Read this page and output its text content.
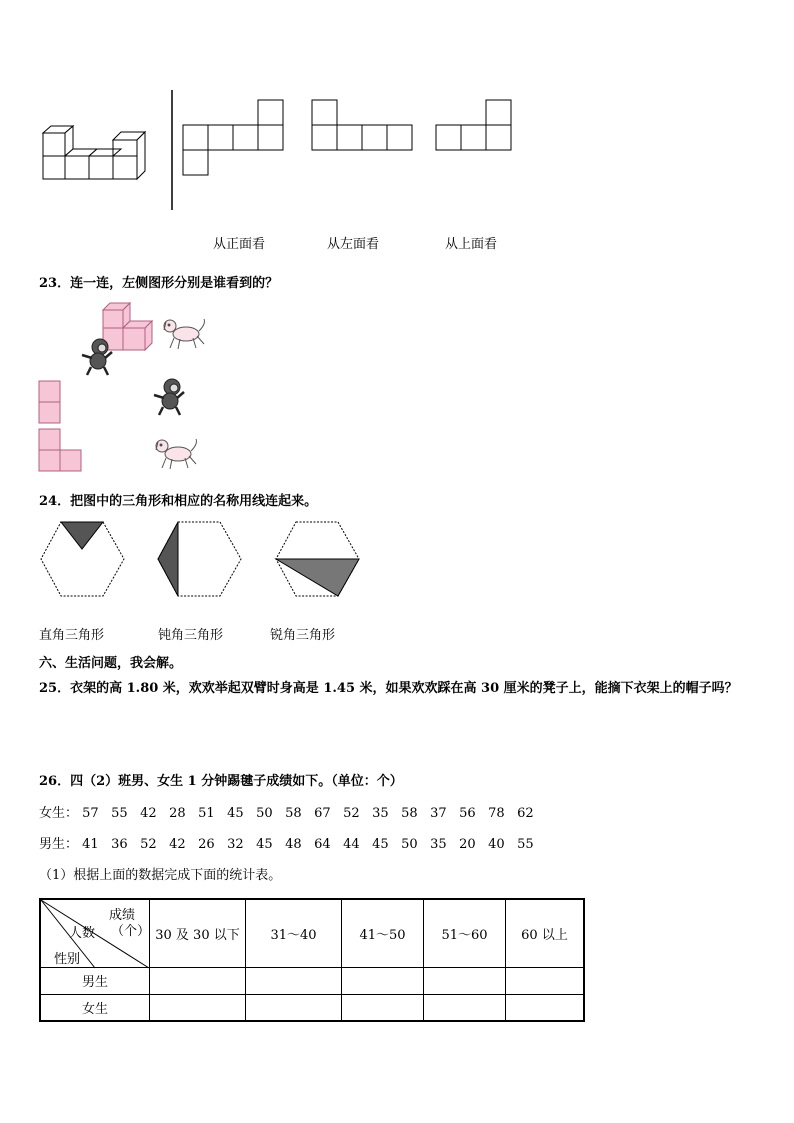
从正面看	从左面看	从上面看
23．连一连，左侧图形分别是谁看到的？
24．把图中的三角形和相应的名称用线连起来。
直角三角形	钝角三角形	锐角三角形
六、生活问题，我会解。
25．衣架的高 1.80 米，欢欢举起双臂时身高是 1.45 米，如果欢欢踩在高 30 厘米的凳子上，能摘下衣架上的帽子吗？
26．四（2）班男、女生 1 分钟踢毽子成绩如下。（单位：个）
女生： 57 55 42 28 51 45 50 58 67 52 35 58 37 56 78 62
男生： 41 36 52 42 26 32 45 48 64 44 45 50 35 20 40 55
（1）根据上面的数据完成下面的统计表。
成绩
（个）
人数
性别	30 及 30 以下	31～40	41～50	51～60	60 以上
男生					
女生					
